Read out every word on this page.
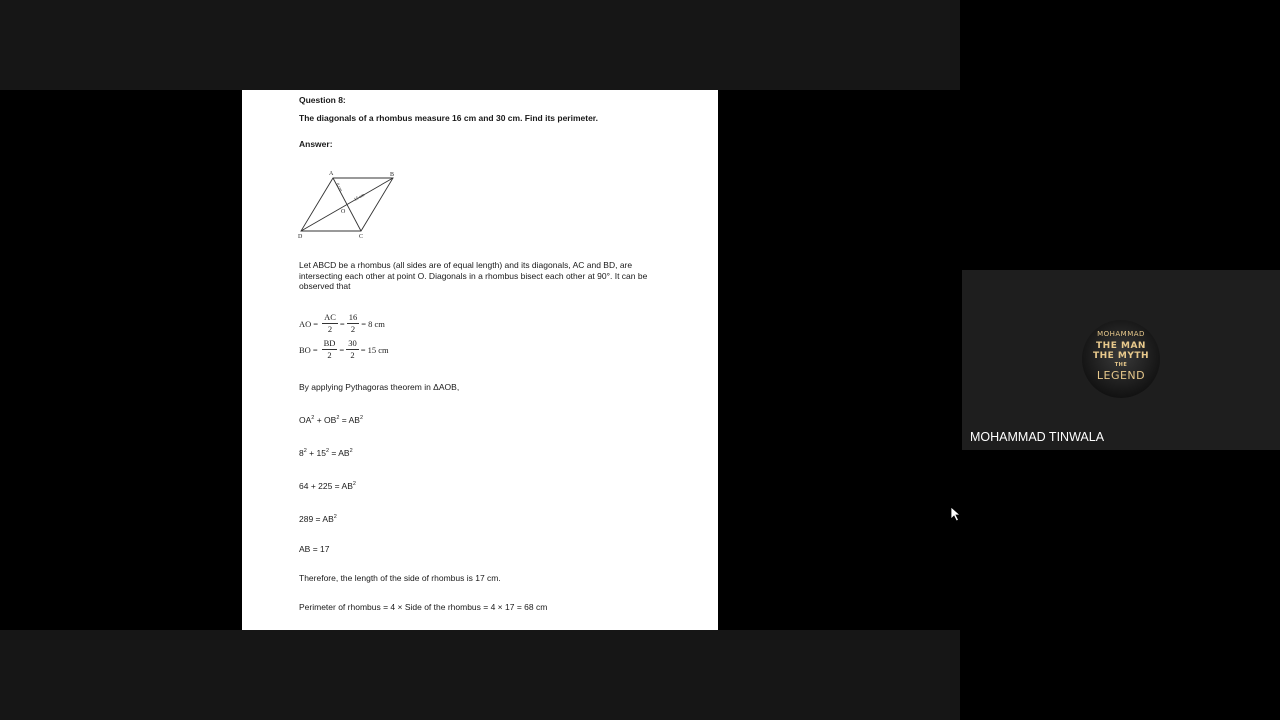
Question 8:
The diagonals of a rhombus measure 16 cm and 30 cm. Find its perimeter.
Answer:
A	B
C
D
O
8 cm
15 cm
Let ABCD be a rhombus (all sides are of equal length) and its diagonals, AC and BD, are intersecting each other at point O. Diagonals in a rhombus bisect each other at 90°. It can be observed that
AO = $\frac{AC}{2} = \frac{16}{2} = 8$ cm
BO = $\frac{BD}{2} = \frac{30}{2} = 15$ cm
By applying Pythagoras theorem in ΔAOB,
$OA^2 + OB^2 = AB^2$
$8^2 + 15^2 = AB^2$
$64 + 225 = AB^2$
$289 = AB^2$
AB = 17
Therefore, the length of the side of rhombus is 17 cm.
Perimeter of rhombus = 4 × Side of the rhombus = 4 × 17 = 68 cm
MOHAMMAD
THE MAN
THE MYTH
THE
LEGEND
MOHAMMAD TINWALA
